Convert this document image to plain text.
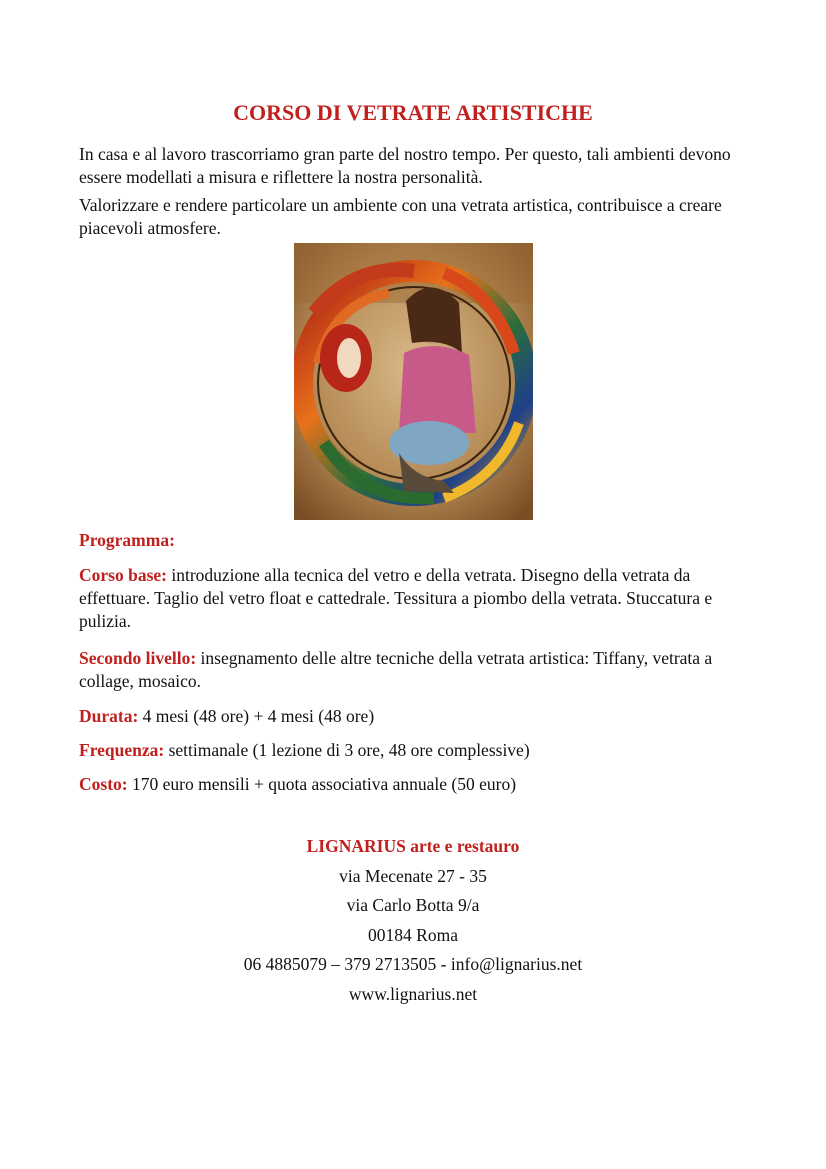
CORSO DI VETRATE ARTISTICHE

In casa e al lavoro trascorriamo gran parte del nostro tempo. Per questo, tali ambienti devono essere modellati a misura e riflettere la nostra personalità.

Valorizzare e rendere particolare un ambiente con una vetrata artistica, contribuisce a creare piacevoli atmosfere.

Programma:

Corso base: introduzione alla tecnica del vetro e della vetrata. Disegno della vetrata da effettuare. Taglio del vetro float e cattedrale. Tessitura a piombo della vetrata. Stuccatura e pulizia.

Secondo livello: insegnamento delle altre tecniche della vetrata artistica: Tiffany, vetrata a collage, mosaico.

Durata: 4 mesi (48 ore) + 4 mesi (48 ore)

Frequenza: settimanale (1 lezione di 3 ore, 48 ore complessive)

Costo: 170 euro mensili + quota associativa annuale (50 euro)

LIGNARIUS arte e restauro
via Mecenate 27 - 35
via Carlo Botta 9/a
00184 Roma
06 4885079 – 379 2713505 - info@lignarius.net
www.lignarius.net
